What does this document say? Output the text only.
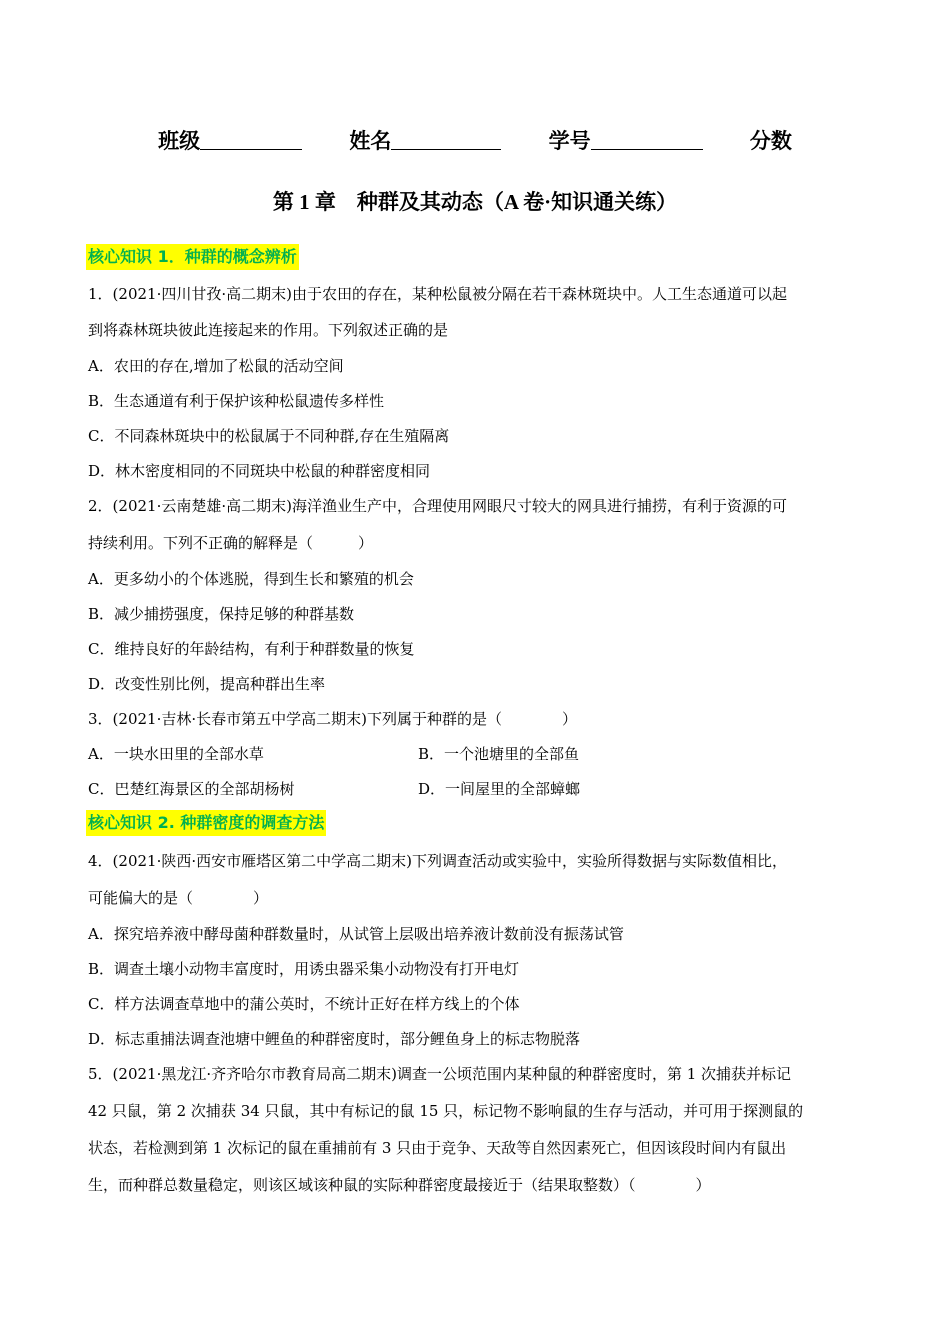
班级	姓名	学号	分数
第 1 章　种群及其动态（A 卷·知识通关练）
核心知识 1．种群的概念辨析
1．(2021·四川甘孜·高二期末)由于农田的存在，某种松鼠被分隔在若干森林斑块中。人工生态通道可以起
到将森林斑块彼此连接起来的作用。下列叙述正确的是
A．农田的存在,增加了松鼠的活动空间
B．生态通道有利于保护该种松鼠遗传多样性
C．不同森林斑块中的松鼠属于不同种群,存在生殖隔离
D．林木密度相同的不同斑块中松鼠的种群密度相同
2．(2021·云南楚雄·高二期末)海洋渔业生产中，合理使用网眼尺寸较大的网具进行捕捞，有利于资源的可
持续利用。下列不正确的解释是（　　　）
A．更多幼小的个体逃脱，得到生长和繁殖的机会
B．减少捕捞强度，保持足够的种群基数
C．维持良好的年龄结构，有利于种群数量的恢复
D．改变性别比例，提高种群出生率
3．(2021·吉林·长春市第五中学高二期末)下列属于种群的是（　　　　）
A．一块水田里的全部水草	B．一个池塘里的全部鱼
C．巴楚红海景区的全部胡杨树	D．一间屋里的全部蟑螂
核心知识 2. 种群密度的调查方法
4．(2021·陕西·西安市雁塔区第二中学高二期末)下列调查活动或实验中，实验所得数据与实际数值相比，
可能偏大的是（　　　　）
A．探究培养液中酵母菌种群数量时，从试管上层吸出培养液计数前没有振荡试管
B．调查土壤小动物丰富度时，用诱虫器采集小动物没有打开电灯
C．样方法调查草地中的蒲公英时，不统计正好在样方线上的个体
D．标志重捕法调查池塘中鲤鱼的种群密度时，部分鲤鱼身上的标志物脱落
5．(2021·黑龙江·齐齐哈尔市教育局高二期末)调查一公顷范围内某种鼠的种群密度时，第 1 次捕获并标记
42 只鼠，第 2 次捕获 34 只鼠，其中有标记的鼠 15 只，标记物不影响鼠的生存与活动，并可用于探测鼠的
状态，若检测到第 1 次标记的鼠在重捕前有 3 只由于竞争、天敌等自然因素死亡，但因该段时间内有鼠出
生，而种群总数量稳定，则该区域该种鼠的实际种群密度最接近于（结果取整数）（　　　　）
